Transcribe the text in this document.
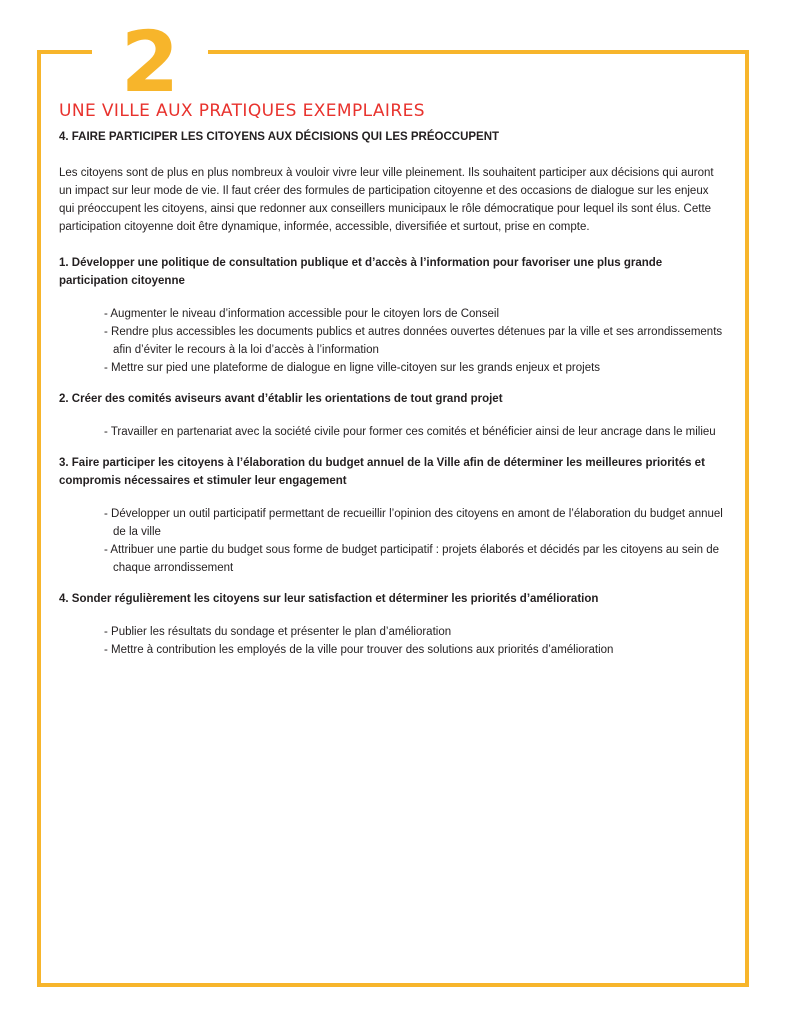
2
UNE VILLE AUX PRATIQUES EXEMPLAIRES
4. FAIRE PARTICIPER LES CITOYENS AUX DÉCISIONS QUI LES PRÉOCCUPENT

Les citoyens sont de plus en plus nombreux à vouloir vivre leur ville pleinement. Ils souhaitent participer aux décisions qui auront un impact sur leur mode de vie. Il faut créer des formules de participation citoyenne et des occasions de dialogue sur les enjeux qui préoccupent les citoyens, ainsi que redonner aux conseillers municipaux le rôle démocratique pour lequel ils sont élus. Cette participation citoyenne doit être dynamique, informée, accessible, diversifiée et surtout, prise en compte.

1. Développer une politique de consultation publique et d’accès à l’information pour favoriser une plus grande participation citoyenne
- Augmenter le niveau d’information accessible pour le citoyen lors de Conseil
- Rendre plus accessibles les documents publics et autres données ouvertes détenues par la ville et ses arrondissements afin d’éviter le recours à la loi d’accès à l’information
- Mettre sur pied une plateforme de dialogue en ligne ville-citoyen sur les grands enjeux et projets
2. Créer des comités aviseurs avant d’établir les orientations de tout grand projet
- Travailler en partenariat avec la société civile pour former ces comités et bénéficier ainsi de leur ancrage dans le milieu
3. Faire participer les citoyens à l’élaboration du budget annuel de la Ville afin de déterminer les meilleures priorités et compromis nécessaires et stimuler leur engagement
- Développer un outil participatif permettant de recueillir l’opinion des citoyens en amont de l’élaboration du budget annuel de la ville
- Attribuer une partie du budget sous forme de budget participatif : projets élaborés et décidés par les citoyens au sein de chaque arrondissement
4. Sonder régulièrement les citoyens sur leur satisfaction et déterminer les priorités d’amélioration
- Publier les résultats du sondage et présenter le plan d’amélioration
- Mettre à contribution les employés de la ville pour trouver des solutions aux priorités d’amélioration
